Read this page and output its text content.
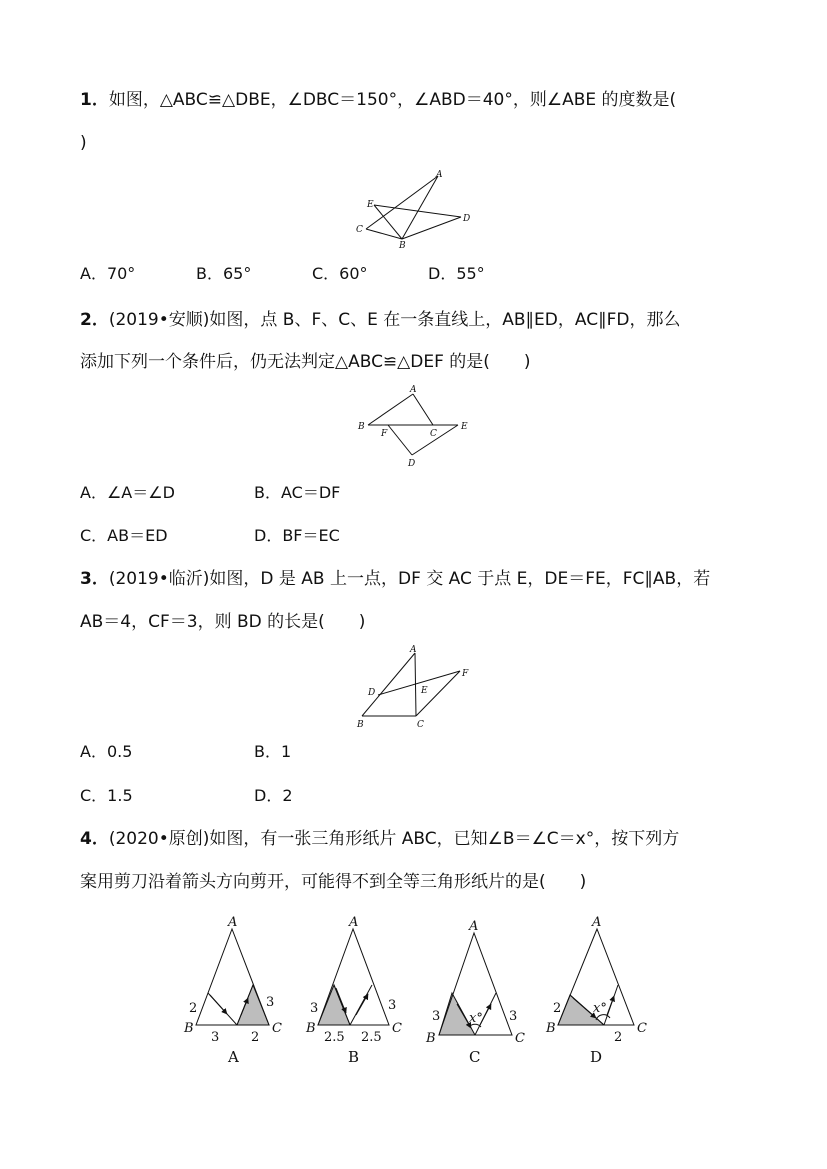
1．如图，△ABC≌△DBE，∠DBC＝150°，∠ABD＝40°，则∠ABE 的度数是(
)
A
E
D
C
B
A．70°	B．65°	C．60°	D．55°
2．(2019•安顺)如图，点 B、F、C、E 在一条直线上，AB∥ED，AC∥FD，那么
添加下列一个条件后，仍无法判定△ABC≌△DEF 的是(　　)
A
B
F	C
E
D
A．∠A＝∠D	B．AC＝DF
C．AB＝ED	D．BF＝EC
3．(2019•临沂)如图，D 是 AB 上一点，DF 交 AC 于点 E，DE＝FE，FC∥AB，若
AB＝4，CF＝3，则 BD 的长是(　　)
A
F
D	E
B	C
A．0.5	B．1
C．1.5	D．2
4．(2020•原创)如图，有一张三角形纸片 ABC，已知∠B＝∠C＝x°，按下列方
案用剪刀沿着箭头方向剪开，可能得不到全等三角形纸片的是(　　)
A
B	C
2	3
3 2
A
A
B	C
3	3
2.5 2.5
B
A
B	C
3	3
x°
C
A
B	C
2 x°
2
D
